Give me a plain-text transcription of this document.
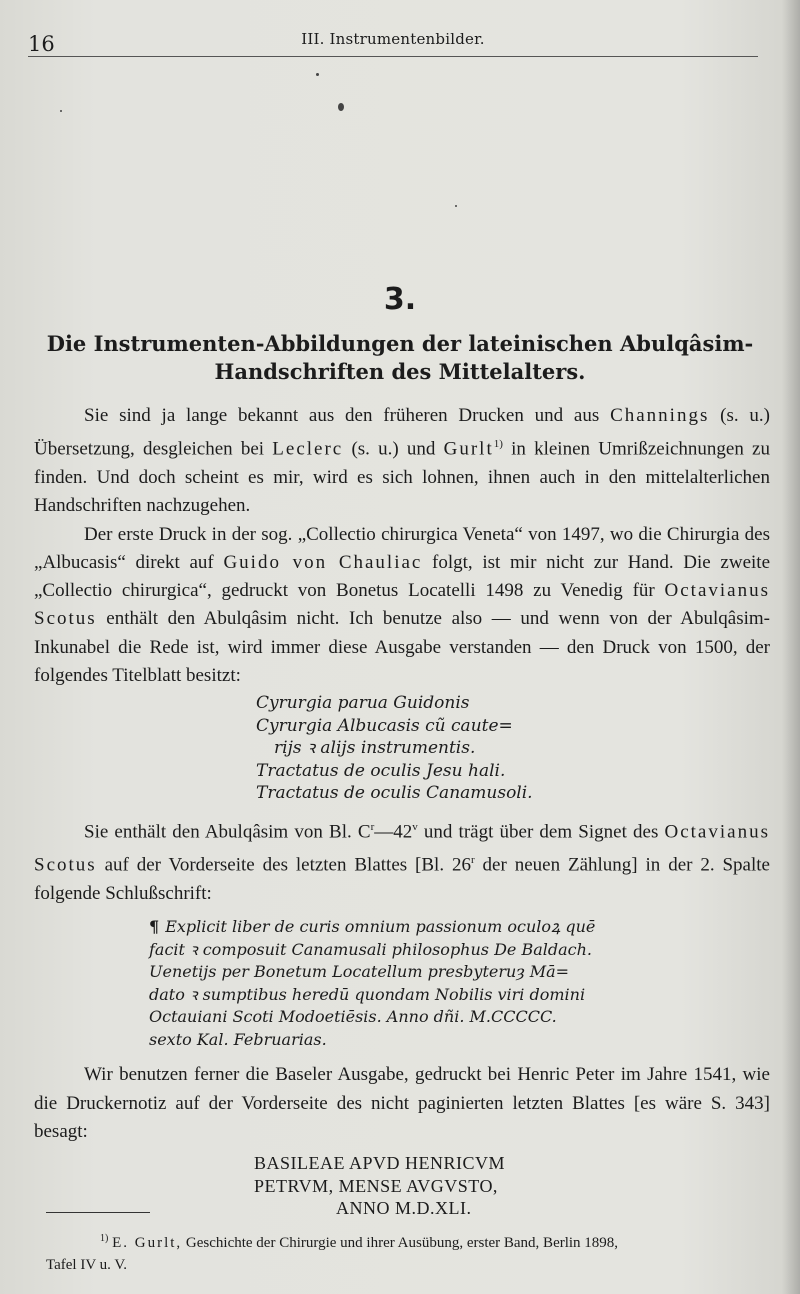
16	III. Instrumentenbilder.
3.
Die Instrumenten-Abbildungen der lateinischen Abulqâsim-
Handschriften des Mittelalters.

Sie sind ja lange bekannt aus den früheren Drucken und aus Channings (s. u.) Übersetzung, desgleichen bei Leclerc (s. u.) und Gurlt$^{1)}$ in kleinen Umrißzeichnungen zu finden. Und doch scheint es mir, wird es sich lohnen, ihnen auch in den mittelalterlichen Handschriften nachzugehen.

Der erste Druck in der sog. „Collectio chirurgica Veneta“ von 1497, wo die Chirurgia des „Albucasis“ direkt auf Guido von Chauliac folgt, ist mir nicht zur Hand. Die zweite „Collectio chirurgica“, gedruckt von Bonetus Locatelli 1498 zu Venedig für Octavianus Scotus enthält den Abulqâsim nicht. Ich benutze also — und wenn von der Abulqâsim-Inkunabel die Rede ist, wird immer diese Ausgabe verstanden — den Druck von 1500, der folgendes Titelblatt besitzt:

Cyrurgia parua Guidonis
Cyrurgia Albucasis cũ caute=
rijs ꝛ alijs instrumentis.
Tractatus de oculis Jesu hali.
Tractatus de oculis Canamusoli.

Sie enthält den Abulqâsim von Bl. $C^r—42^v$ und trägt über dem Signet des Octavianus Scotus auf der Vorderseite des letzten Blattes [Bl. 26$^r$ der neuen Zählung] in der 2. Spalte folgende Schlußschrift:

¶ Explicit liber de curis omnium passionum oculoꝝ quē
facit ꝛ composuit Canamusali philosophus De Baldach.
Uenetijs per Bonetum Locatellum presbyteruȝ Mā=
dato ꝛ sumptibus heredū quondam Nobilis viri domini
Octauiani Scoti Modoetiēsis. Anno dñi. M.CCCCC.
sexto Kal. Februarias.

Wir benutzen ferner die Baseler Ausgabe, gedruckt bei Henric Peter im Jahre 1541, wie die Druckernotiz auf der Vorderseite des nicht paginierten letzten Blattes [es wäre S. 343] besagt:

BASILEAE APVD HENRICVM
PETRVM, MENSE AVGVSTO,
ANNO M.D.XLI.
$^{1)}$ E. Gurlt, Geschichte der Chirurgie und ihrer Ausübung, erster Band, Berlin 1898,
Tafel IV u. V.
